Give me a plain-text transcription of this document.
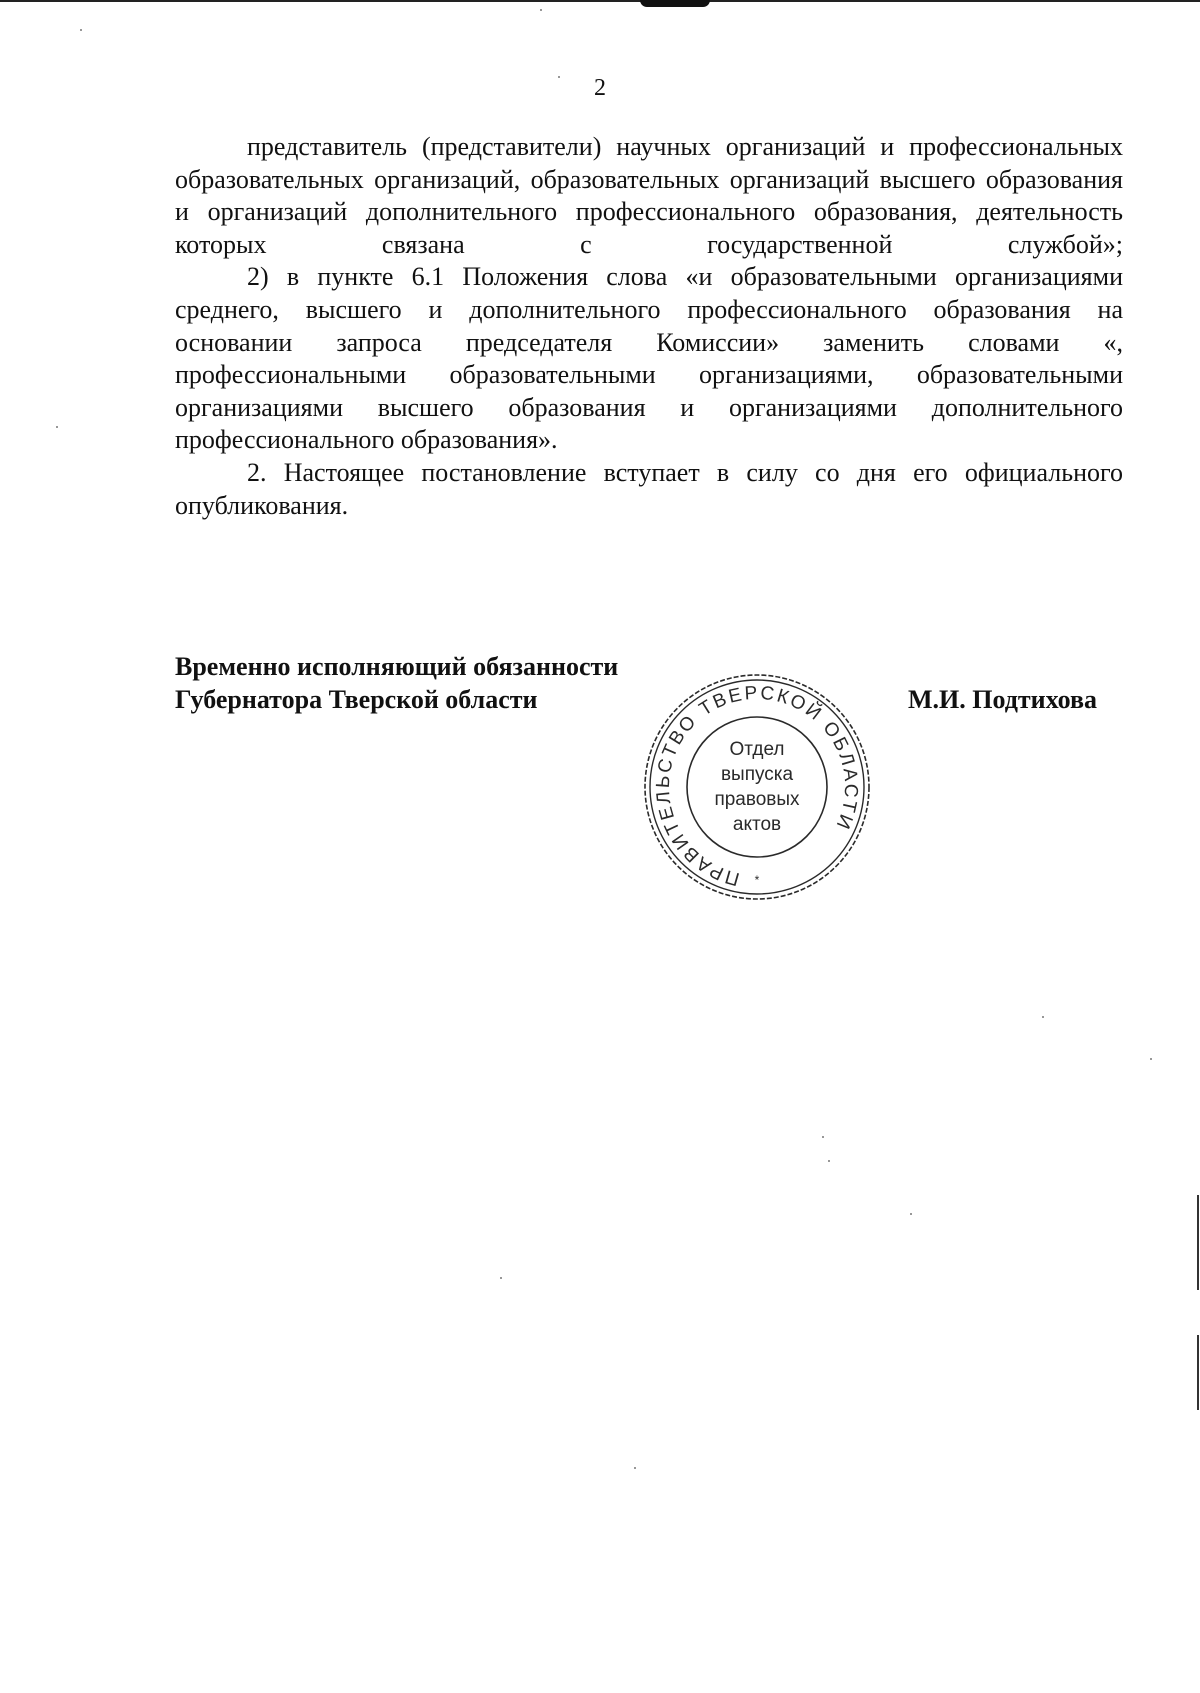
2

представитель (представители) научных организаций и профессиональных образовательных организаций, образовательных организаций высшего образования и организаций дополнительного профессионального образования, деятельность которых связана с государственной службой»;

2) в пункте 6.1 Положения слова «и образовательными организациями среднего, высшего и дополнительного профессионального образования на основании запроса председателя Комиссии» заменить словами «, профессиональными образовательными организациями, образовательными организациями высшего образования и организациями дополнительного профессионального образования».

2. Настоящее постановление вступает в силу со дня его официального опубликования.

Временно исполняющий обязанности
Губернатора Тверской области	М.И. Подтихова
ПРАВИТЕЛЬСТВО ТВЕРСКОЙ ОБЛАСТИ
*
Отдел
выпуска
правовых
актов
